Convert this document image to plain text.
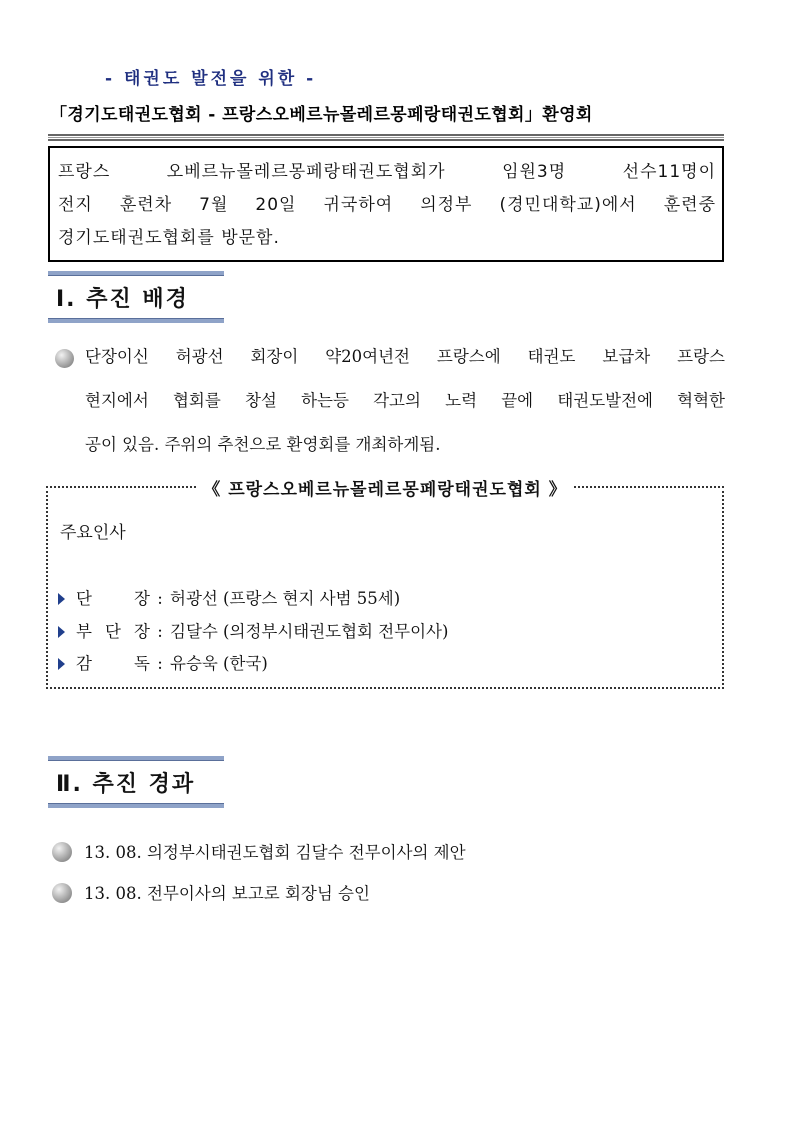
- 태권도 발전을 위한 -
「경기도태권도협회 - 프랑스오베르뉴몰레르몽페랑태권도협회」환영회
프랑스 오베르뉴몰레르몽페랑태권도협회가 임원3명 선수11명이
전지 훈련차 7월 20일 귀국하여 의정부 (경민대학교)에서 훈련중
경기도태권도협회를 방문함.
Ⅰ. 추진 배경
단장이신 허광선 회장이 약20여년전 프랑스에 태권도 보급차 프랑스
현지에서 협회를 창설 하는등 각고의 노력 끝에 태권도발전에 혁혁한
공이 있음. 주위의 추천으로 환영회를 개최하게됨.
《 프랑스오베르뉴몰레르몽페랑태권도협회 》
주요인사
단 장 : 허광선 (프랑스 현지 사범 55세)
부 단 장 : 김달수 (의정부시태권도협회 전무이사)
감 독 : 유승욱 (한국)
Ⅱ. 추진 경과
13. 08. 의정부시태권도협회 김달수 전무이사의 제안
13. 08. 전무이사의 보고로 회장님 승인
